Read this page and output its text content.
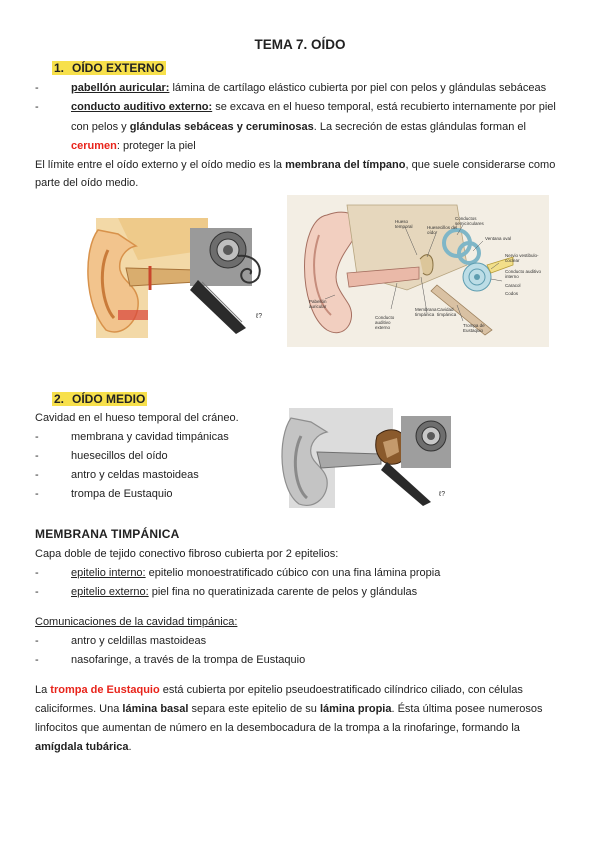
TEMA 7. OÍDO
1. OÍDO EXTERNO
-	pabellón auricular: lámina de cartílago elástico cubierta por piel con pelos y glándulas sebáceas
-	conducto auditivo externo: se excava en el hueso temporal, está recubierto internamente por piel
con pelos y glándulas sebáceas y ceruminosas. La secreción de estas glándulas forman el
cerumen: proteger la piel
El límite entre el oído externo y el oído medio es la membrana del tímpano, que suele considerarse como
parte del oído medio.
ℓ?
Hueso temporal	Huesecillos del oído
Conductos semicirculares
Ventana oval
Nervio vestibulo-coclear
Conducto auditivo interno
Codos
Caracol
Pabellón auricular
Conducto auditivo externo
Membrana timpánica
Cavidad timpánica
Trompa de Eustaquio
2. OÍDO MEDIO
Cavidad en el hueso temporal del cráneo.
-	membrana y cavidad timpánicas
-	huesecillos del oído
-	antro y celdas mastoideas
-	trompa de Eustaquio	ℓ?
MEMBRANA TIMPÁNICA
Capa doble de tejido conectivo fibroso cubierta por 2 epitelios:
-	epitelio interno: epitelio monoestratificado cúbico con una fina lámina propia
-	epitelio externo: piel fina no queratinizada carente de pelos y glándulas
Comunicaciones de la cavidad timpánica:
-	antro y celdillas mastoideas
-	nasofaringe, a través de la trompa de Eustaquio
La trompa de Eustaquio está cubierta por epitelio pseudoestratificado cilíndrico ciliado, con células
caliciformes. Una lámina basal separa este epitelio de su lámina propia. Ésta última posee numerosos
linfocitos que aumentan de número en la desembocadura de la trompa a la rinofaringe, formando la
amígdala tubárica.
